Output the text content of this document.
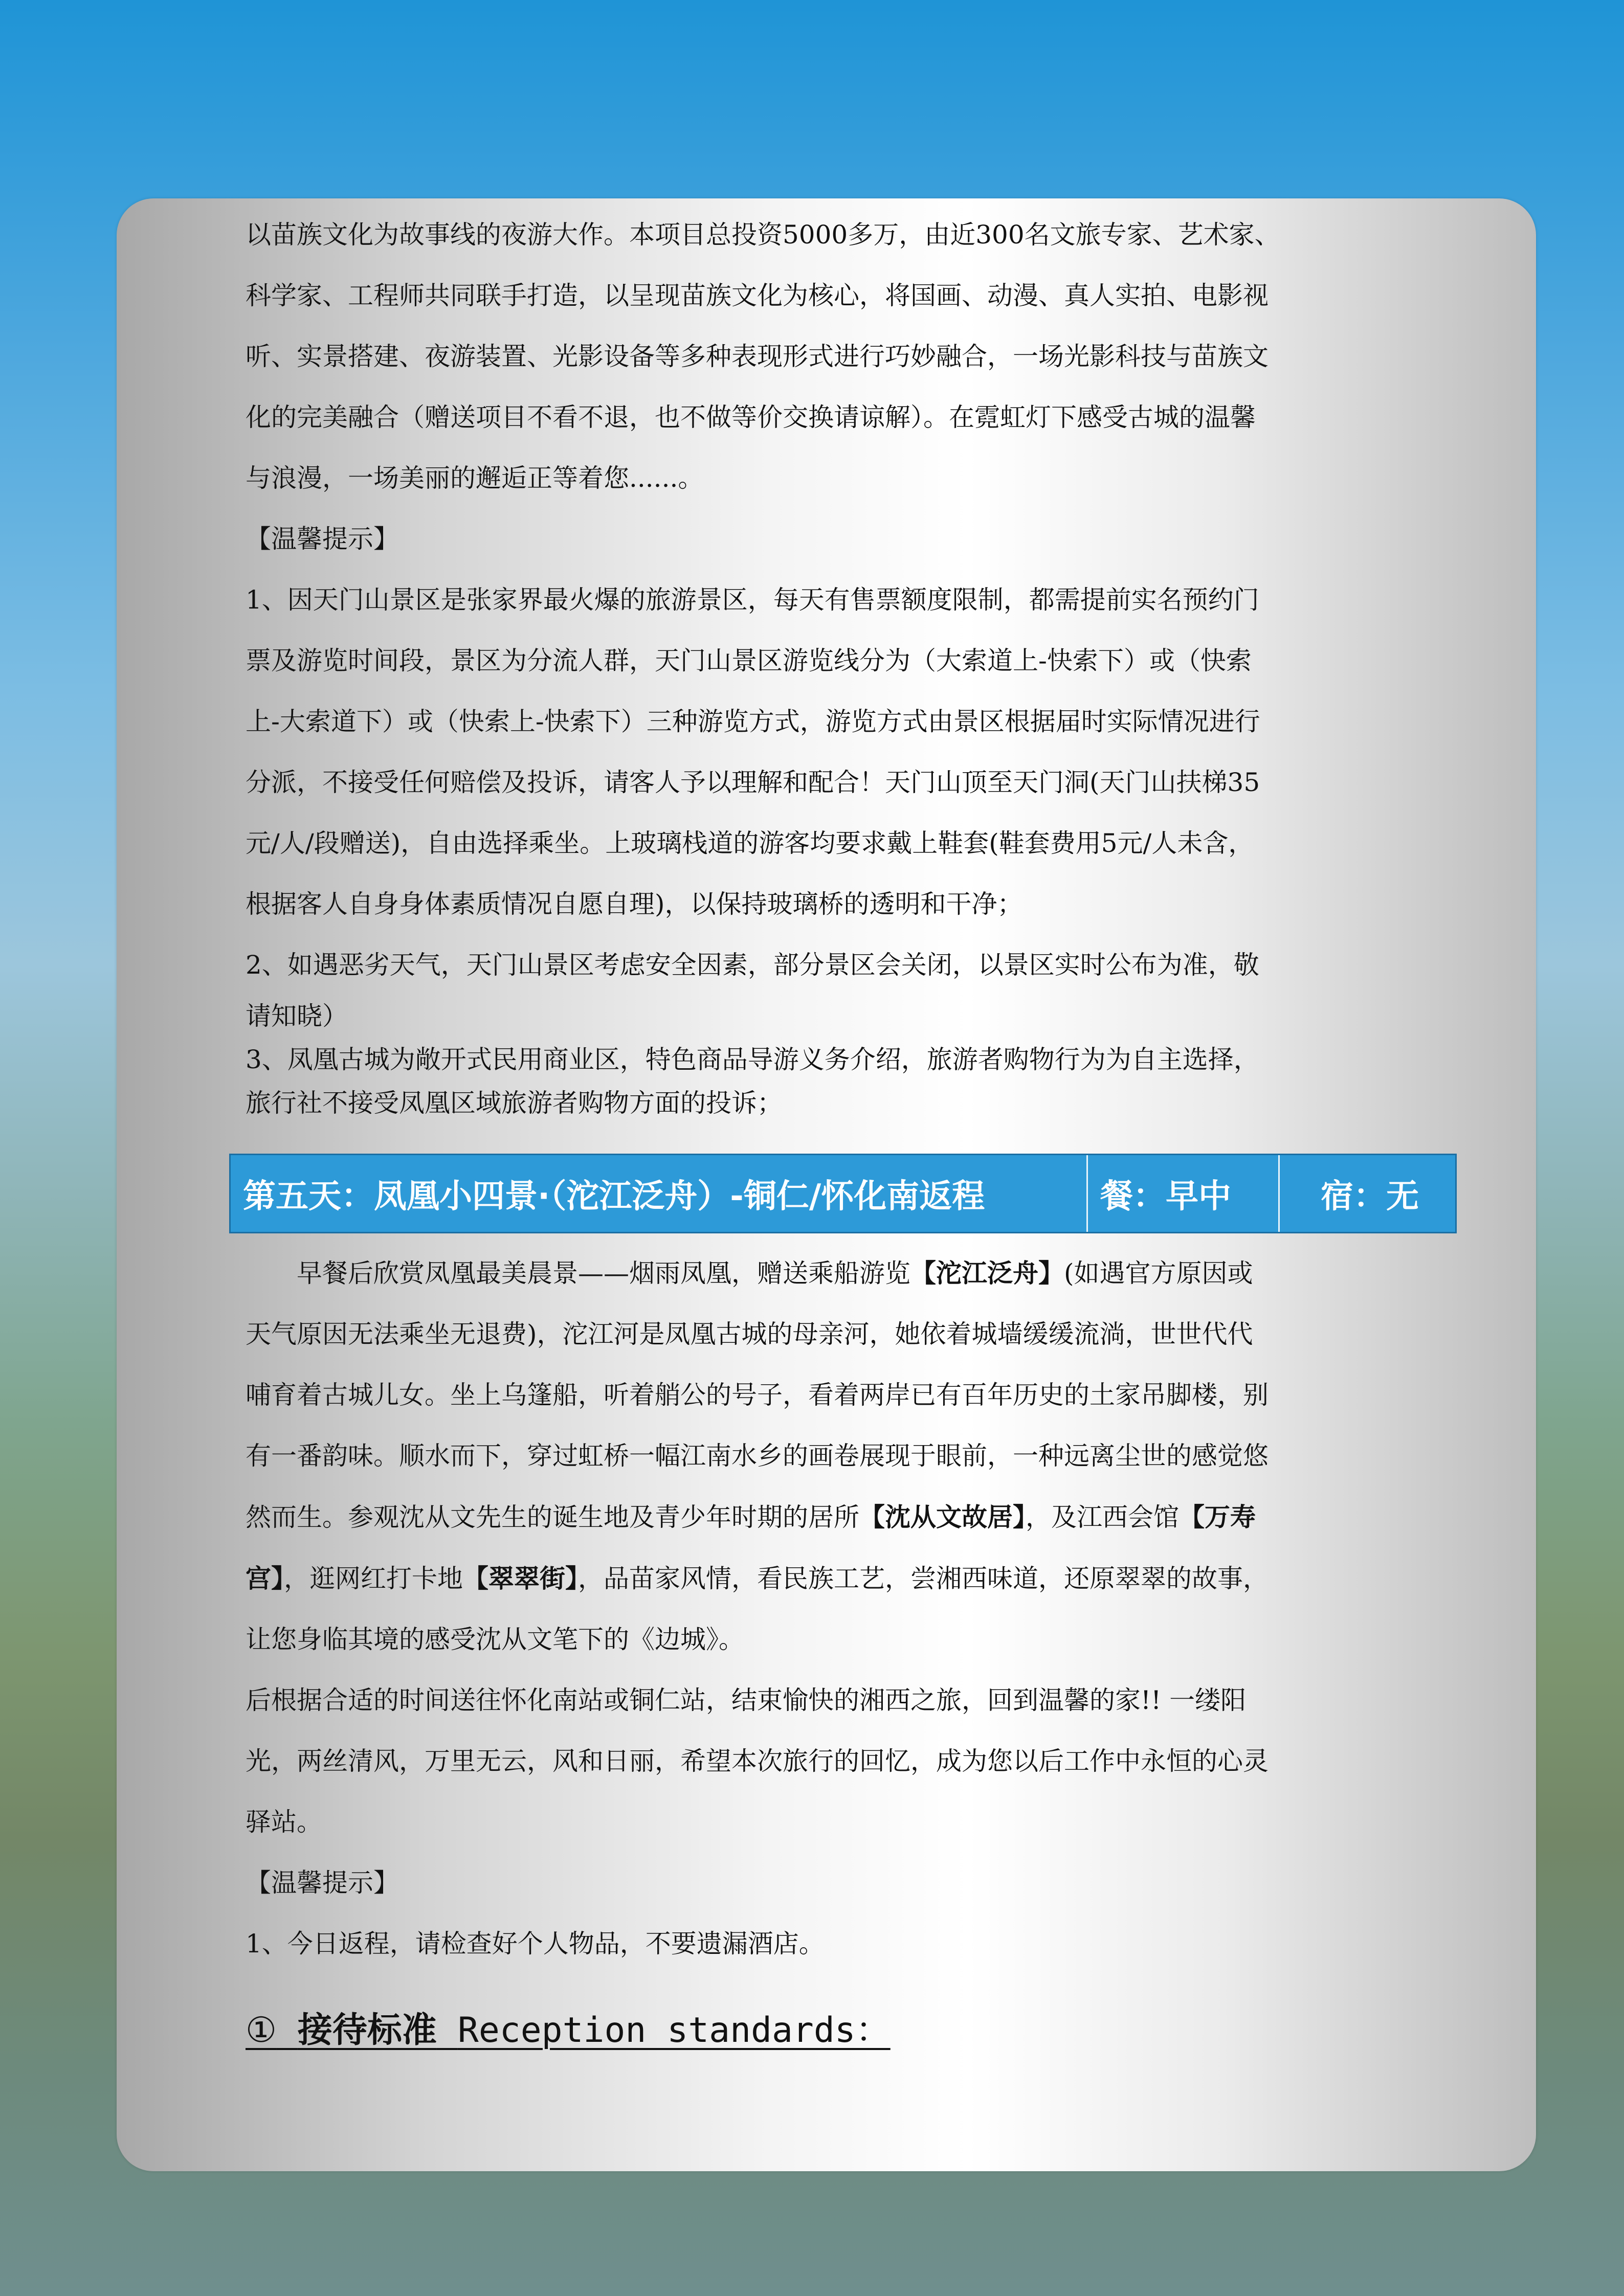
以苗族文化为故事线的夜游大作。本项目总投资5000多万，由近300名文旅专家、艺术家、

科学家、工程师共同联手打造，以呈现苗族文化为核心，将国画、动漫、真人实拍、电影视

听、实景搭建、夜游装置、光影设备等多种表现形式进行巧妙融合，一场光影科技与苗族文

化的完美融合（赠送项目不看不退，也不做等价交换请谅解）。在霓虹灯下感受古城的温馨

与浪漫，一场美丽的邂逅正等着您......。

【温馨提示】

1、因天门山景区是张家界最火爆的旅游景区，每天有售票额度限制，都需提前实名预约门

票及游览时间段，景区为分流人群，天门山景区游览线分为（大索道上-快索下）或（快索

上-大索道下）或（快索上-快索下）三种游览方式，游览方式由景区根据届时实际情况进行

分派，不接受任何赔偿及投诉，请客人予以理解和配合！天门山顶至天门洞(天门山扶梯35

元/人/段赠送)，自由选择乘坐。上玻璃栈道的游客均要求戴上鞋套(鞋套费用5元/人未含，

根据客人自身身体素质情况自愿自理)，以保持玻璃桥的透明和干净；

2、如遇恶劣天气，天门山景区考虑安全因素，部分景区会关闭，以景区实时公布为准，敬

请知晓）

3、凤凰古城为敞开式民用商业区，特色商品导游义务介绍，旅游者购物行为为自主选择，

旅行社不接受凤凰区域旅游者购物方面的投诉；

第五天：凤凰小四景·（沱江泛舟）-铜仁/怀化南返程	餐：早中	宿：无

早餐后欣赏凤凰最美晨景——烟雨凤凰，赠送乘船游览【沱江泛舟】(如遇官方原因或

天气原因无法乘坐无退费)，沱江河是凤凰古城的母亲河，她依着城墙缓缓流淌，世世代代

哺育着古城儿女。坐上乌篷船，听着艄公的号子，看着两岸已有百年历史的土家吊脚楼，别

有一番韵味。顺水而下，穿过虹桥一幅江南水乡的画卷展现于眼前，一种远离尘世的感觉悠

然而生。参观沈从文先生的诞生地及青少年时期的居所【沈从文故居】，及江西会馆【万寿

宫】，逛网红打卡地【翠翠街】，品苗家风情，看民族工艺，尝湘西味道，还原翠翠的故事，

让您身临其境的感受沈从文笔下的《边城》。

后根据合适的时间送往怀化南站或铜仁站，结束愉快的湘西之旅，回到温馨的家!! 一缕阳

光，两丝清风，万里无云，风和日丽，希望本次旅行的回忆，成为您以后工作中永恒的心灵

驿站。

【温馨提示】

1、今日返程，请检查好个人物品，不要遗漏酒店。

① 接待标准 Reception standards：
